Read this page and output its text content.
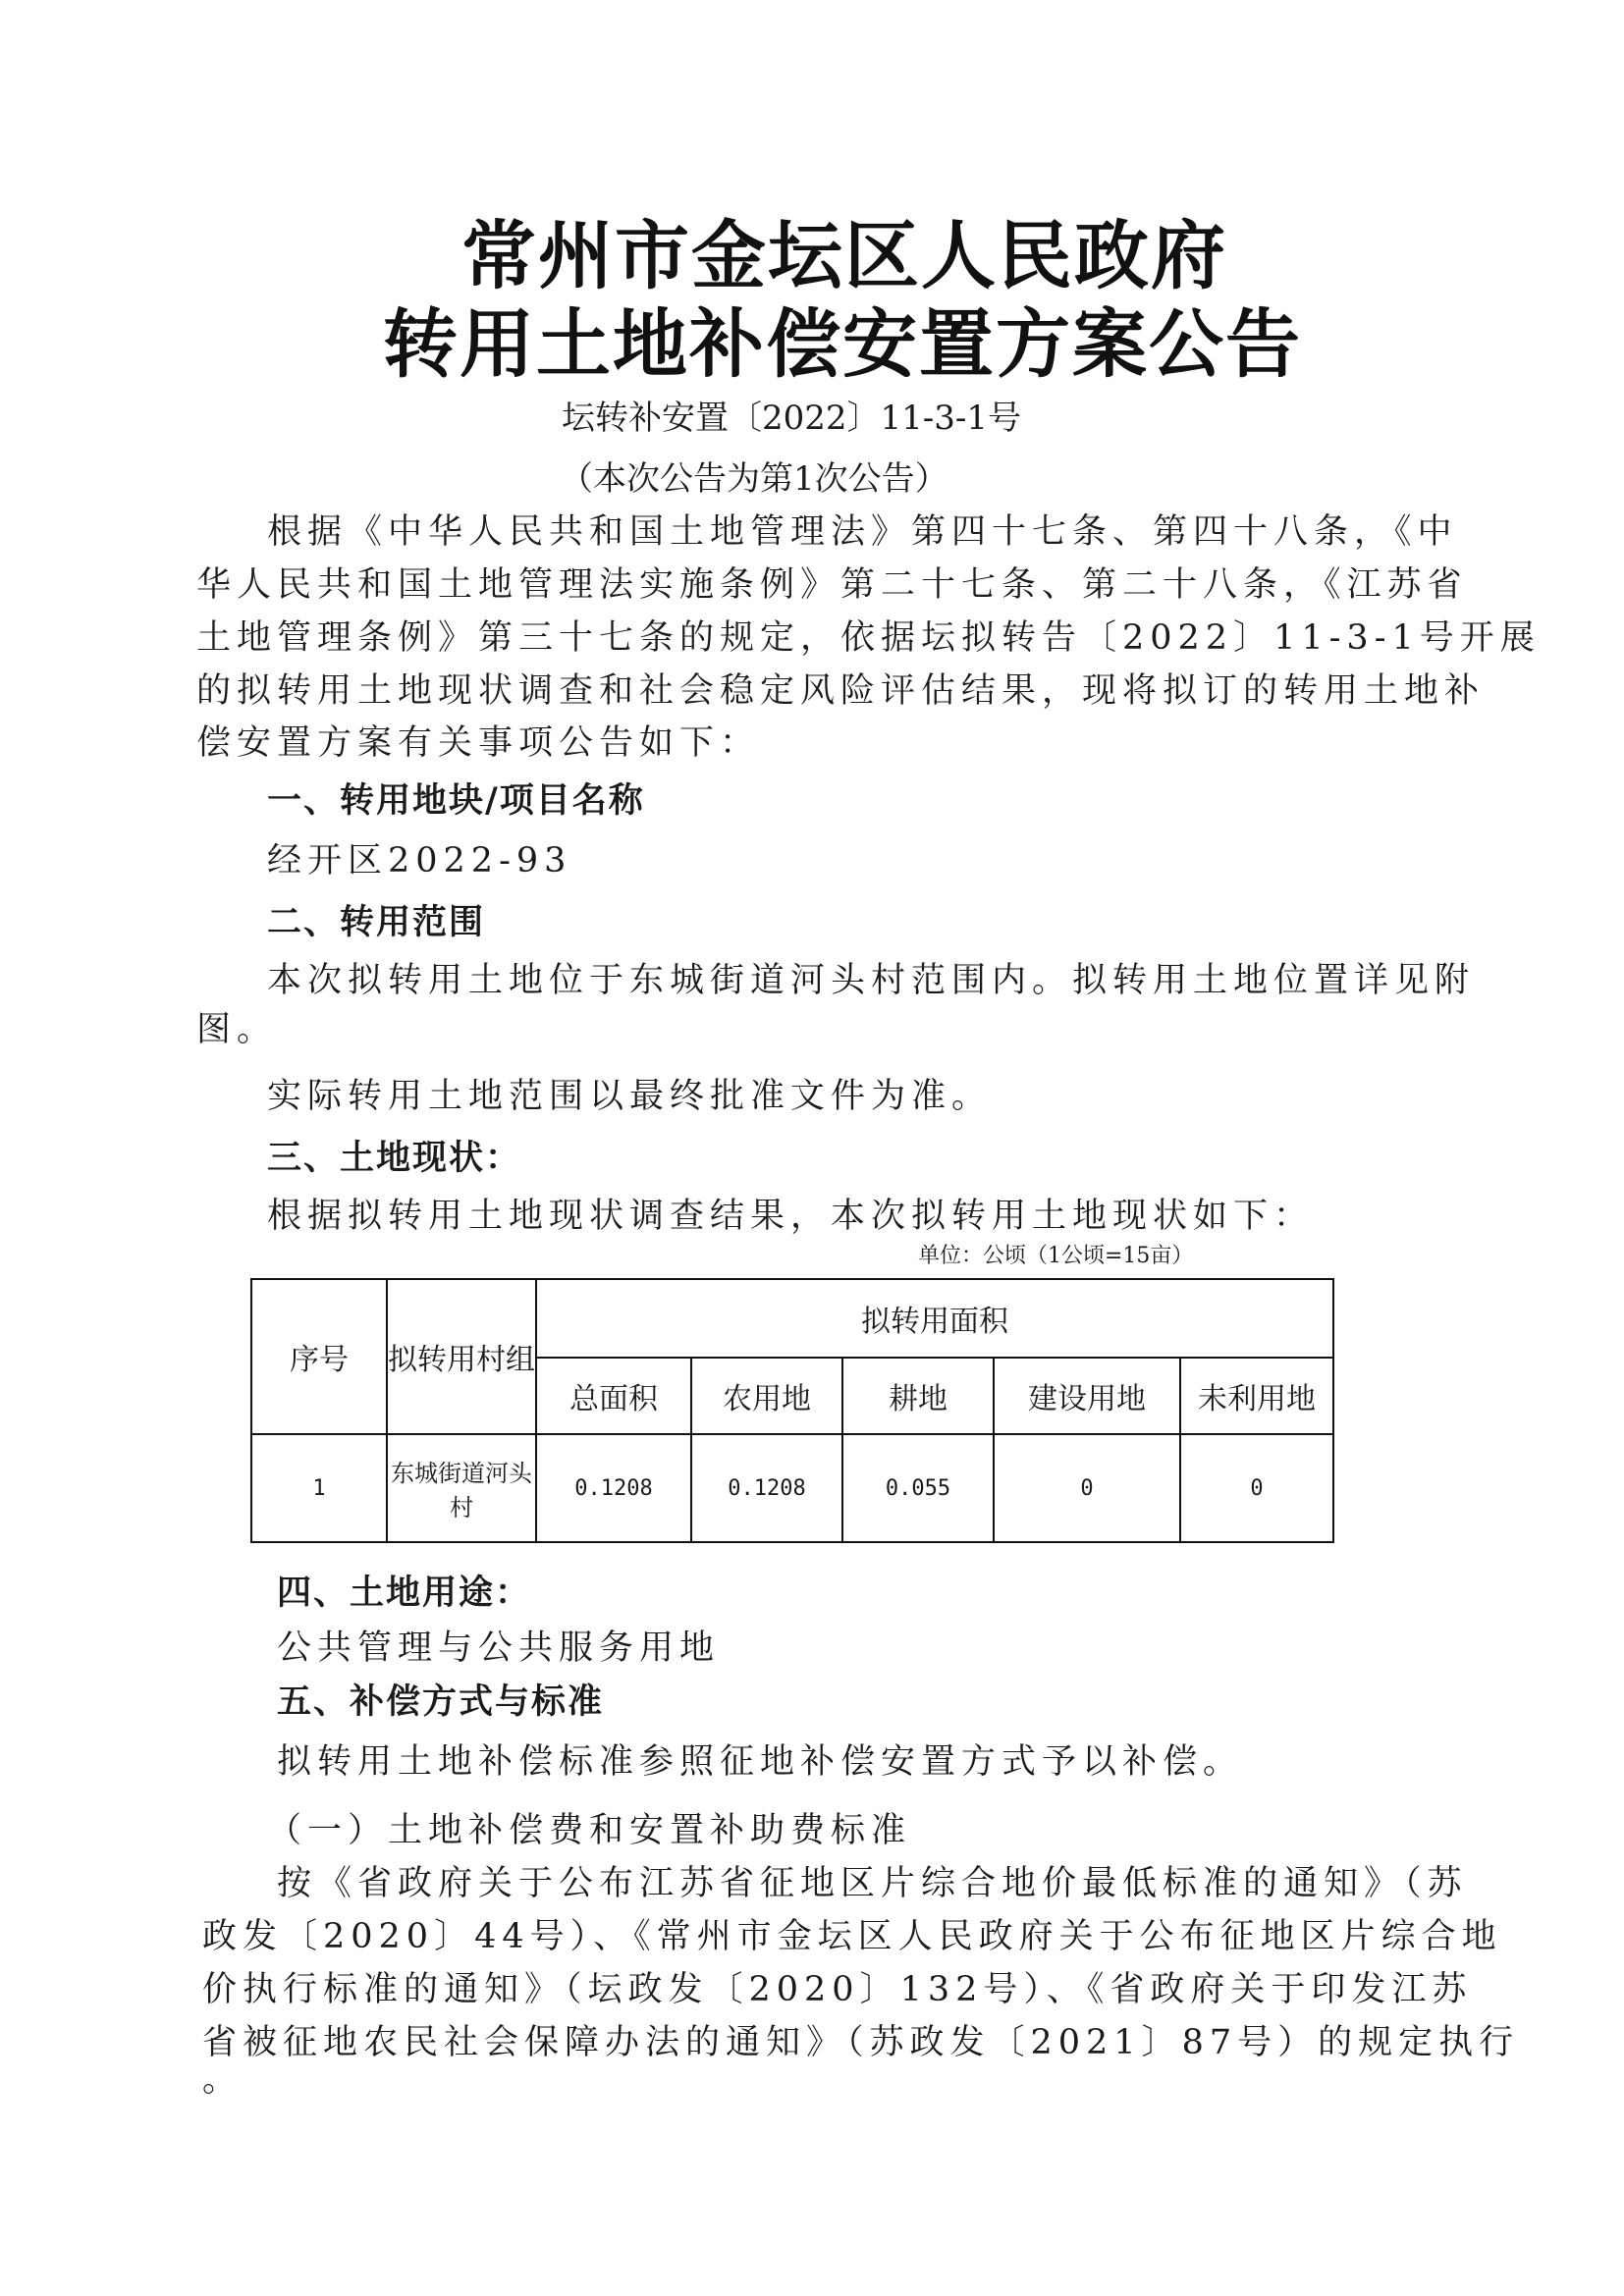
常州市金坛区人民政府
转用土地补偿安置方案公告
坛转补安置〔2022〕11-3-1号
（本次公告为第1次公告）
根据《中华人民共和国土地管理法》第四十七条、第四十八条，《中
华人民共和国土地管理法实施条例》第二十七条、第二十八条，《江苏省
土地管理条例》第三十七条的规定，依据坛拟转告〔2022〕11-3-1号开展
的拟转用土地现状调查和社会稳定风险评估结果，现将拟订的转用土地补
偿安置方案有关事项公告如下：
一、转用地块/项目名称
经开区2022-93
二、转用范围
本次拟转用土地位于东城街道河头村范围内。拟转用土地位置详见附
图。
实际转用土地范围以最终批准文件为准。
三、土地现状：
根据拟转用土地现状调查结果，本次拟转用土地现状如下：
单位：公顷（1公顷=15亩）
序号	拟转用村组	拟转用面积				
		总面积	农用地	耕地	建设用地	未利用地
1	东城街道河头村	0.1208	0.1208	0.055	0	0
四、土地用途：
公共管理与公共服务用地
五、补偿方式与标准
拟转用土地补偿标准参照征地补偿安置方式予以补偿。
（一）土地补偿费和安置补助费标准
按《省政府关于公布江苏省征地区片综合地价最低标准的通知》（苏
政发〔2020〕44号）、《常州市金坛区人民政府关于公布征地区片综合地
价执行标准的通知》（坛政发〔2020〕132号）、《省政府关于印发江苏
省被征地农民社会保障办法的通知》（苏政发〔2021〕87号）的规定执行
。
